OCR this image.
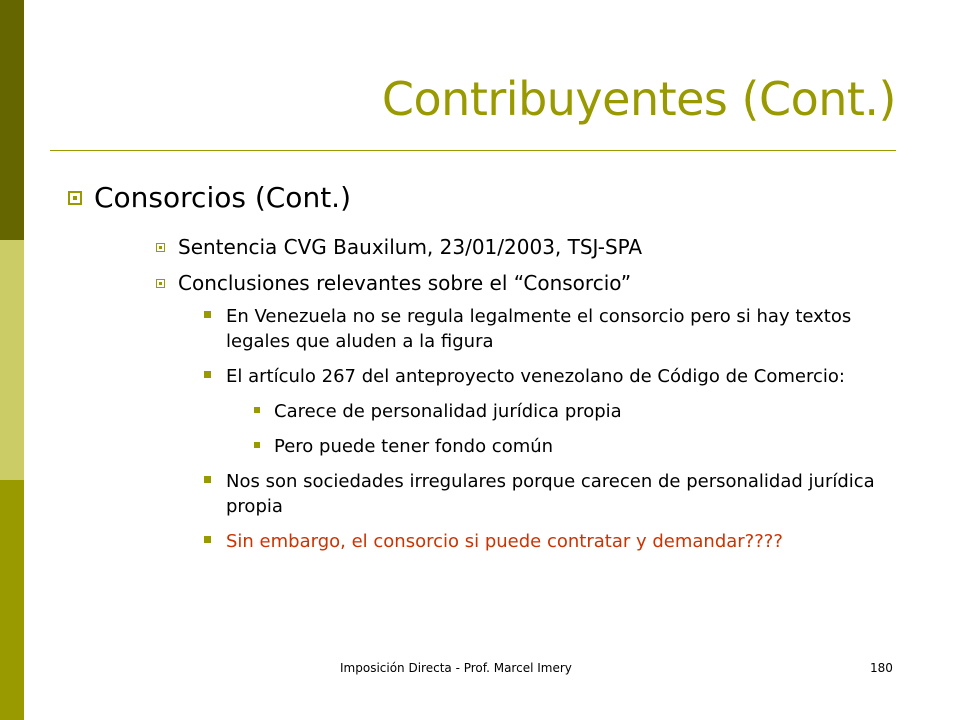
Contribuyentes (Cont.)
Consorcios (Cont.)
Sentencia CVG Bauxilum, 23/01/2003, TSJ-SPA
Conclusiones relevantes sobre el “Consorcio”
En Venezuela no se regula legalmente el consorcio pero si hay textos legales que aluden a la figura
El artículo 267 del anteproyecto venezolano de Código de Comercio:
Carece de personalidad jurídica propia
Pero puede tener fondo común
Nos son sociedades irregulares porque carecen de personalidad jurídica propia
Sin embargo, el consorcio si puede contratar y demandar????
Imposición Directa - Prof. Marcel Imery	180
